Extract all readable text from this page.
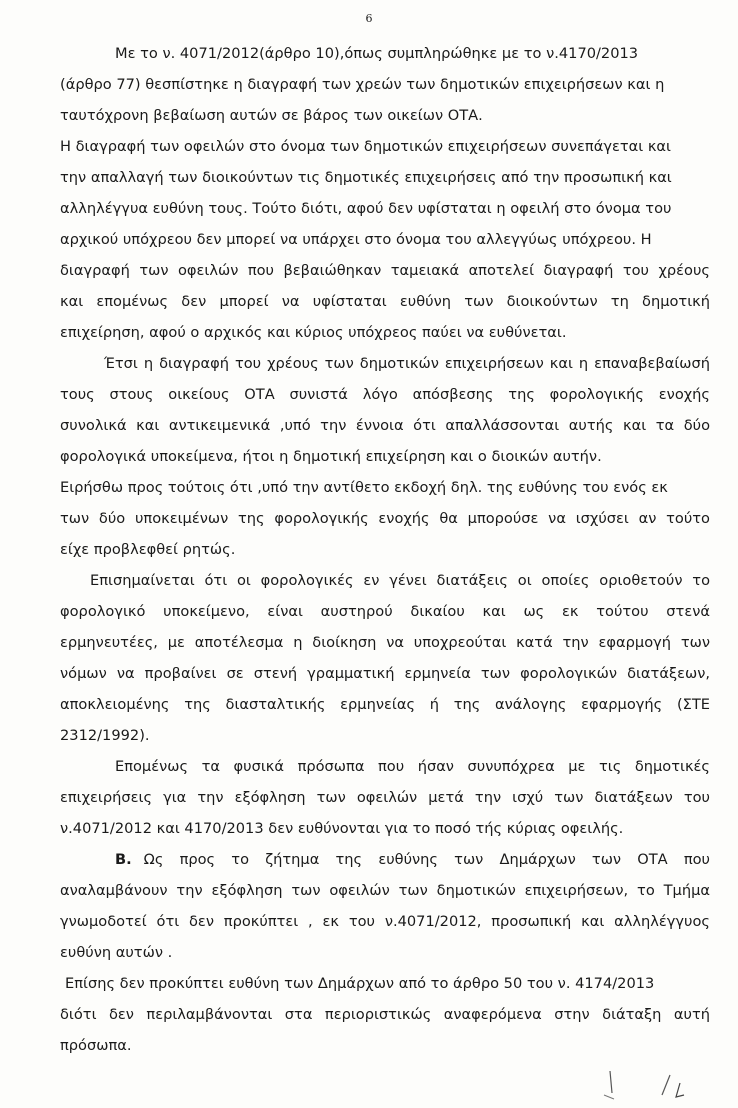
6
Με το ν. 4071/2012(άρθρο 10),όπως συμπληρώθηκε με το ν.4170/2013
(άρθρο 77) θεσπίστηκε η διαγραφή των χρεών των δημοτικών επιχειρήσεων και η
ταυτόχρονη βεβαίωση αυτών σε βάρος των οικείων ΟΤΑ.
Η διαγραφή των οφειλών στο όνομα των δημοτικών επιχειρήσεων συνεπάγεται και
την απαλλαγή των διοικούντων τις δημοτικές επιχειρήσεις από την προσωπική και
αλληλέγγυα ευθύνη τους. Τούτο διότι, αφού δεν υφίσταται η οφειλή στο όνομα του
αρχικού υπόχρεου δεν μπορεί να υπάρχει στο όνομα του αλλεγγύως υπόχρεου. Η
διαγραφή των οφειλών που βεβαιώθηκαν ταμειακά αποτελεί διαγραφή του χρέους
και επομένως δεν μπορεί να υφίσταται ευθύνη των διοικούντων τη δημοτική
επιχείρηση, αφού ο αρχικός και κύριος υπόχρεος παύει να ευθύνεται.
Έτσι η διαγραφή του χρέους των δημοτικών επιχειρήσεων και η επαναβεβαίωσή
τους στους οικείους ΟΤΑ συνιστά λόγο απόσβεσης της φορολογικής ενοχής
συνολικά και αντικειμενικά ,υπό την έννοια ότι απαλλάσσονται αυτής και τα δύο
φορολογικά υποκείμενα, ήτοι η δημοτική επιχείρηση και ο διοικών αυτήν.
Ειρήσθω προς τούτοις ότι ,υπό την αντίθετο εκδοχή δηλ. της ευθύνης του ενός εκ
των δύο υποκειμένων της φορολογικής ενοχής θα μπορούσε να ισχύσει αν τούτο
είχε προβλεφθεί ρητώς.
Επισημαίνεται ότι οι φορολογικές εν γένει διατάξεις οι οποίες οριοθετούν το
φορολογικό υποκείμενο, είναι αυστηρού δικαίου και ως εκ τούτου στενά
ερμηνευτέες, με αποτέλεσμα η διοίκηση να υποχρεούται κατά την εφαρμογή των
νόμων να προβαίνει σε στενή γραμματική ερμηνεία των φορολογικών διατάξεων,
αποκλειομένης της διασταλτικής ερμηνείας ή της ανάλογης εφαρμογής (ΣΤΕ
2312/1992).
Επομένως τα φυσικά πρόσωπα που ήσαν συνυπόχρεα με τις δημοτικές
επιχειρήσεις για την εξόφληση των οφειλών μετά την ισχύ των διατάξεων του
ν.4071/2012 και 4170/2013 δεν ευθύνονται για το ποσό τής κύριας οφειλής.
Β. Ως προς το ζήτημα της ευθύνης των Δημάρχων των ΟΤΑ που
αναλαμβάνουν την εξόφληση των οφειλών των δημοτικών επιχειρήσεων, το Τμήμα
γνωμοδοτεί ότι δεν προκύπτει , εκ του ν.4071/2012, προσωπική και αλληλέγγυος
ευθύνη αυτών .
Επίσης δεν προκύπτει ευθύνη των Δημάρχων από το άρθρο 50 του ν. 4174/2013
διότι δεν περιλαμβάνονται στα περιοριστικώς αναφερόμενα στην διάταξη αυτή
πρόσωπα.
